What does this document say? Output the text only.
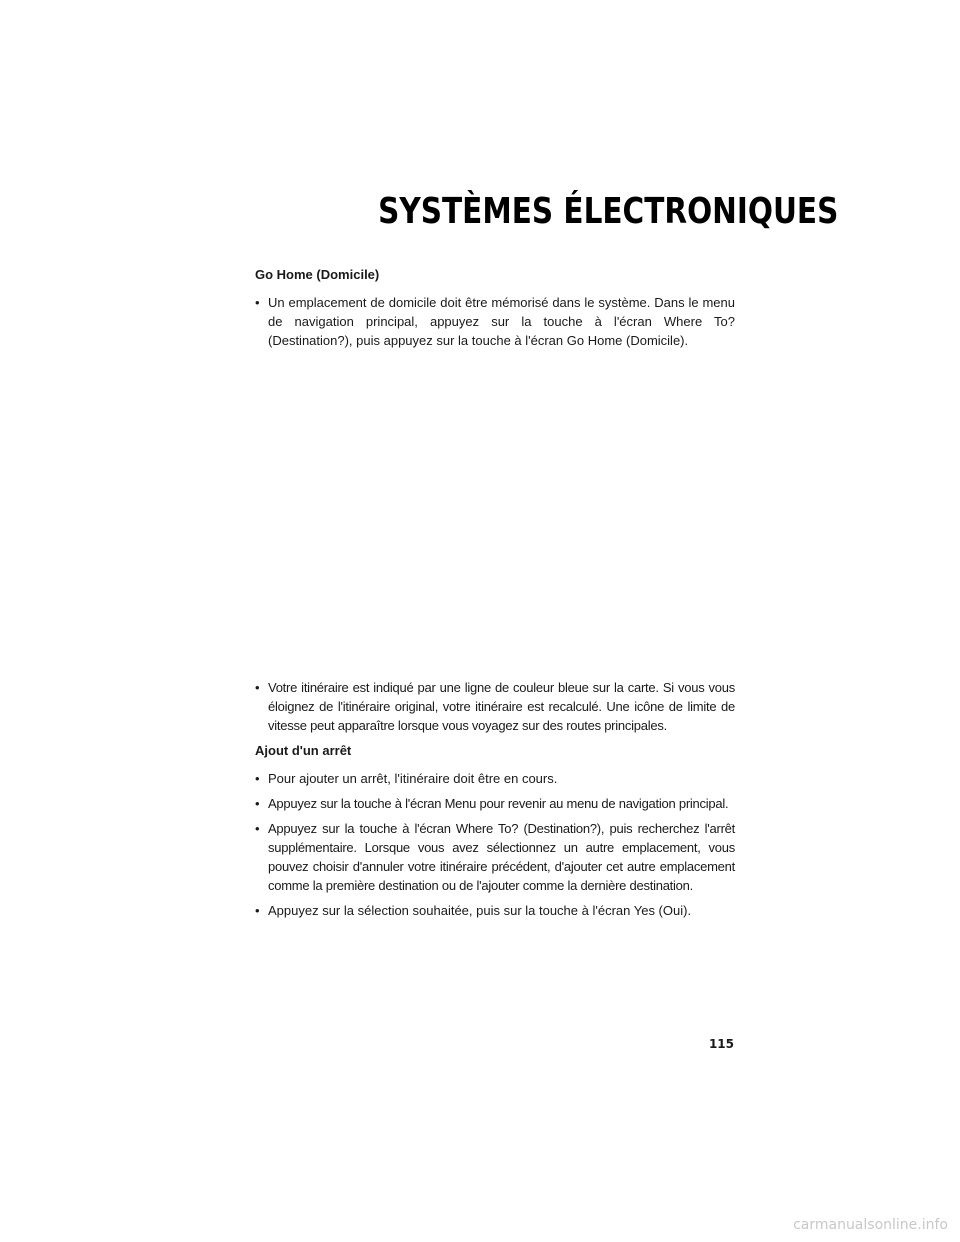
SYSTÈMES ÉLECTRONIQUES
Go Home (Domicile)
• Un emplacement de domicile doit être mémorisé dans le système. Dans le menu de navigation principal, appuyez sur la touche à l'écran Where To? (Destination?), puis appuyez sur la touche à l'écran Go Home (Domicile).
• Votre itinéraire est indiqué par une ligne de couleur bleue sur la carte. Si vous vous éloignez de l'itinéraire original, votre itinéraire est recalculé. Une icône de limite de vitesse peut apparaître lorsque vous voyagez sur des routes principales.
Ajout d'un arrêt
• Pour ajouter un arrêt, l'itinéraire doit être en cours.
• Appuyez sur la touche à l'écran Menu pour revenir au menu de navigation principal.
• Appuyez sur la touche à l'écran Where To? (Destination?), puis recherchez l'arrêt supplémentaire. Lorsque vous avez sélectionnez un autre emplacement, vous pouvez choisir d'annuler votre itinéraire précédent, d'ajouter cet autre emplacement comme la première destination ou de l'ajouter comme la dernière destination.
• Appuyez sur la sélection souhaitée, puis sur la touche à l'écran Yes (Oui).
115
carmanualsonline.info
